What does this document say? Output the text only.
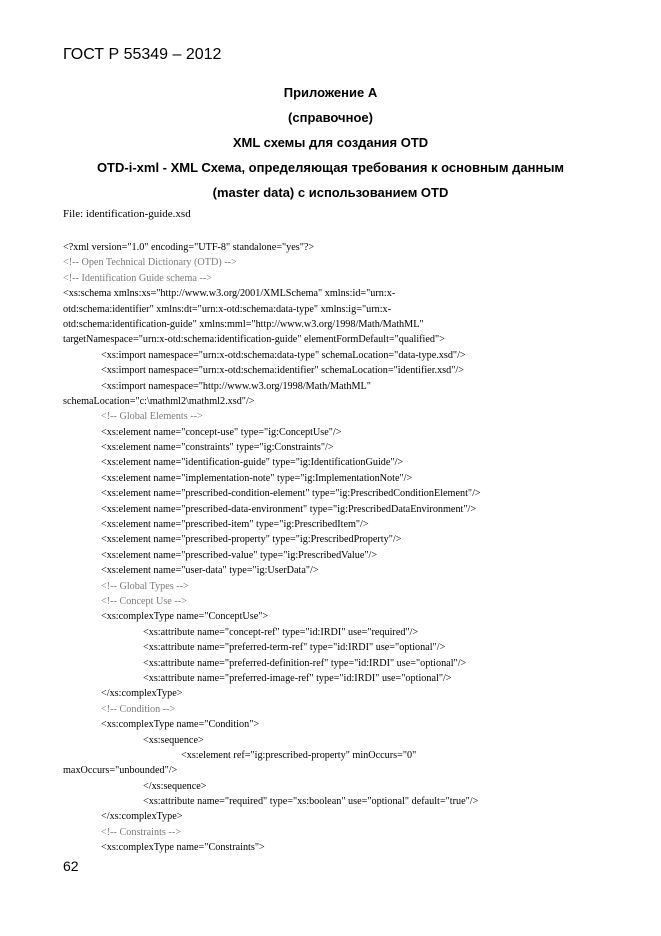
ГОСТ Р 55349 – 2012
Приложение А
(справочное)
XML схемы для создания OTD
OTD-i-xml - XML Схема, определяющая требования к основным данным
(master data) с использованием OTD
File: identification-guide.xsd
<?xml version="1.0" encoding="UTF-8" standalone="yes"?>
<!-- Open Technical Dictionary (OTD) -->
<!-- Identification Guide schema -->
<xs:schema xmlns:xs="http://www.w3.org/2001/XMLSchema" xmlns:id="urn:x-
otd:schema:identifier" xmlns:dt="urn:x-otd:schema:data-type" xmlns:ig="urn:x-
otd:schema:identification-guide" xmlns:mml="http://www.w3.org/1998/Math/MathML"
targetNamespace="urn:x-otd:schema:identification-guide" elementFormDefault="qualified">
<xs:import namespace="urn:x-otd:schema:data-type" schemaLocation="data-type.xsd"/>
<xs:import namespace="urn:x-otd:schema:identifier" schemaLocation="identifier.xsd"/>
<xs:import namespace="http://www.w3.org/1998/Math/MathML"
schemaLocation="c:\mathml2\mathml2.xsd"/>
<!-- Global Elements -->
<xs:element name="concept-use" type="ig:ConceptUse"/>
<xs:element name="constraints" type="ig:Constraints"/>
<xs:element name="identification-guide" type="ig:IdentificationGuide"/>
<xs:element name="implementation-note" type="ig:ImplementationNote"/>
<xs:element name="prescribed-condition-element" type="ig:PrescribedConditionElement"/>
<xs:element name="prescribed-data-environment" type="ig:PrescribedDataEnvironment"/>
<xs:element name="prescribed-item" type="ig:PrescribedItem"/>
<xs:element name="prescribed-property" type="ig:PrescribedProperty"/>
<xs:element name="prescribed-value" type="ig:PrescribedValue"/>
<xs:element name="user-data" type="ig:UserData"/>
<!-- Global Types -->
<!-- Concept Use -->
<xs:complexType name="ConceptUse">
<xs:attribute name="concept-ref" type="id:IRDI" use="required"/>
<xs:attribute name="preferred-term-ref" type="id:IRDI" use="optional"/>
<xs:attribute name="preferred-definition-ref" type="id:IRDI" use="optional"/>
<xs:attribute name="preferred-image-ref" type="id:IRDI" use="optional"/>
</xs:complexType>
<!-- Condition -->
<xs:complexType name="Condition">
<xs:sequence>
<xs:element ref="ig:prescribed-property" minOccurs="0"
maxOccurs="unbounded"/>
</xs:sequence>
<xs:attribute name="required" type="xs:boolean" use="optional" default="true"/>
</xs:complexType>
<!-- Constraints -->
<xs:complexType name="Constraints">
62
